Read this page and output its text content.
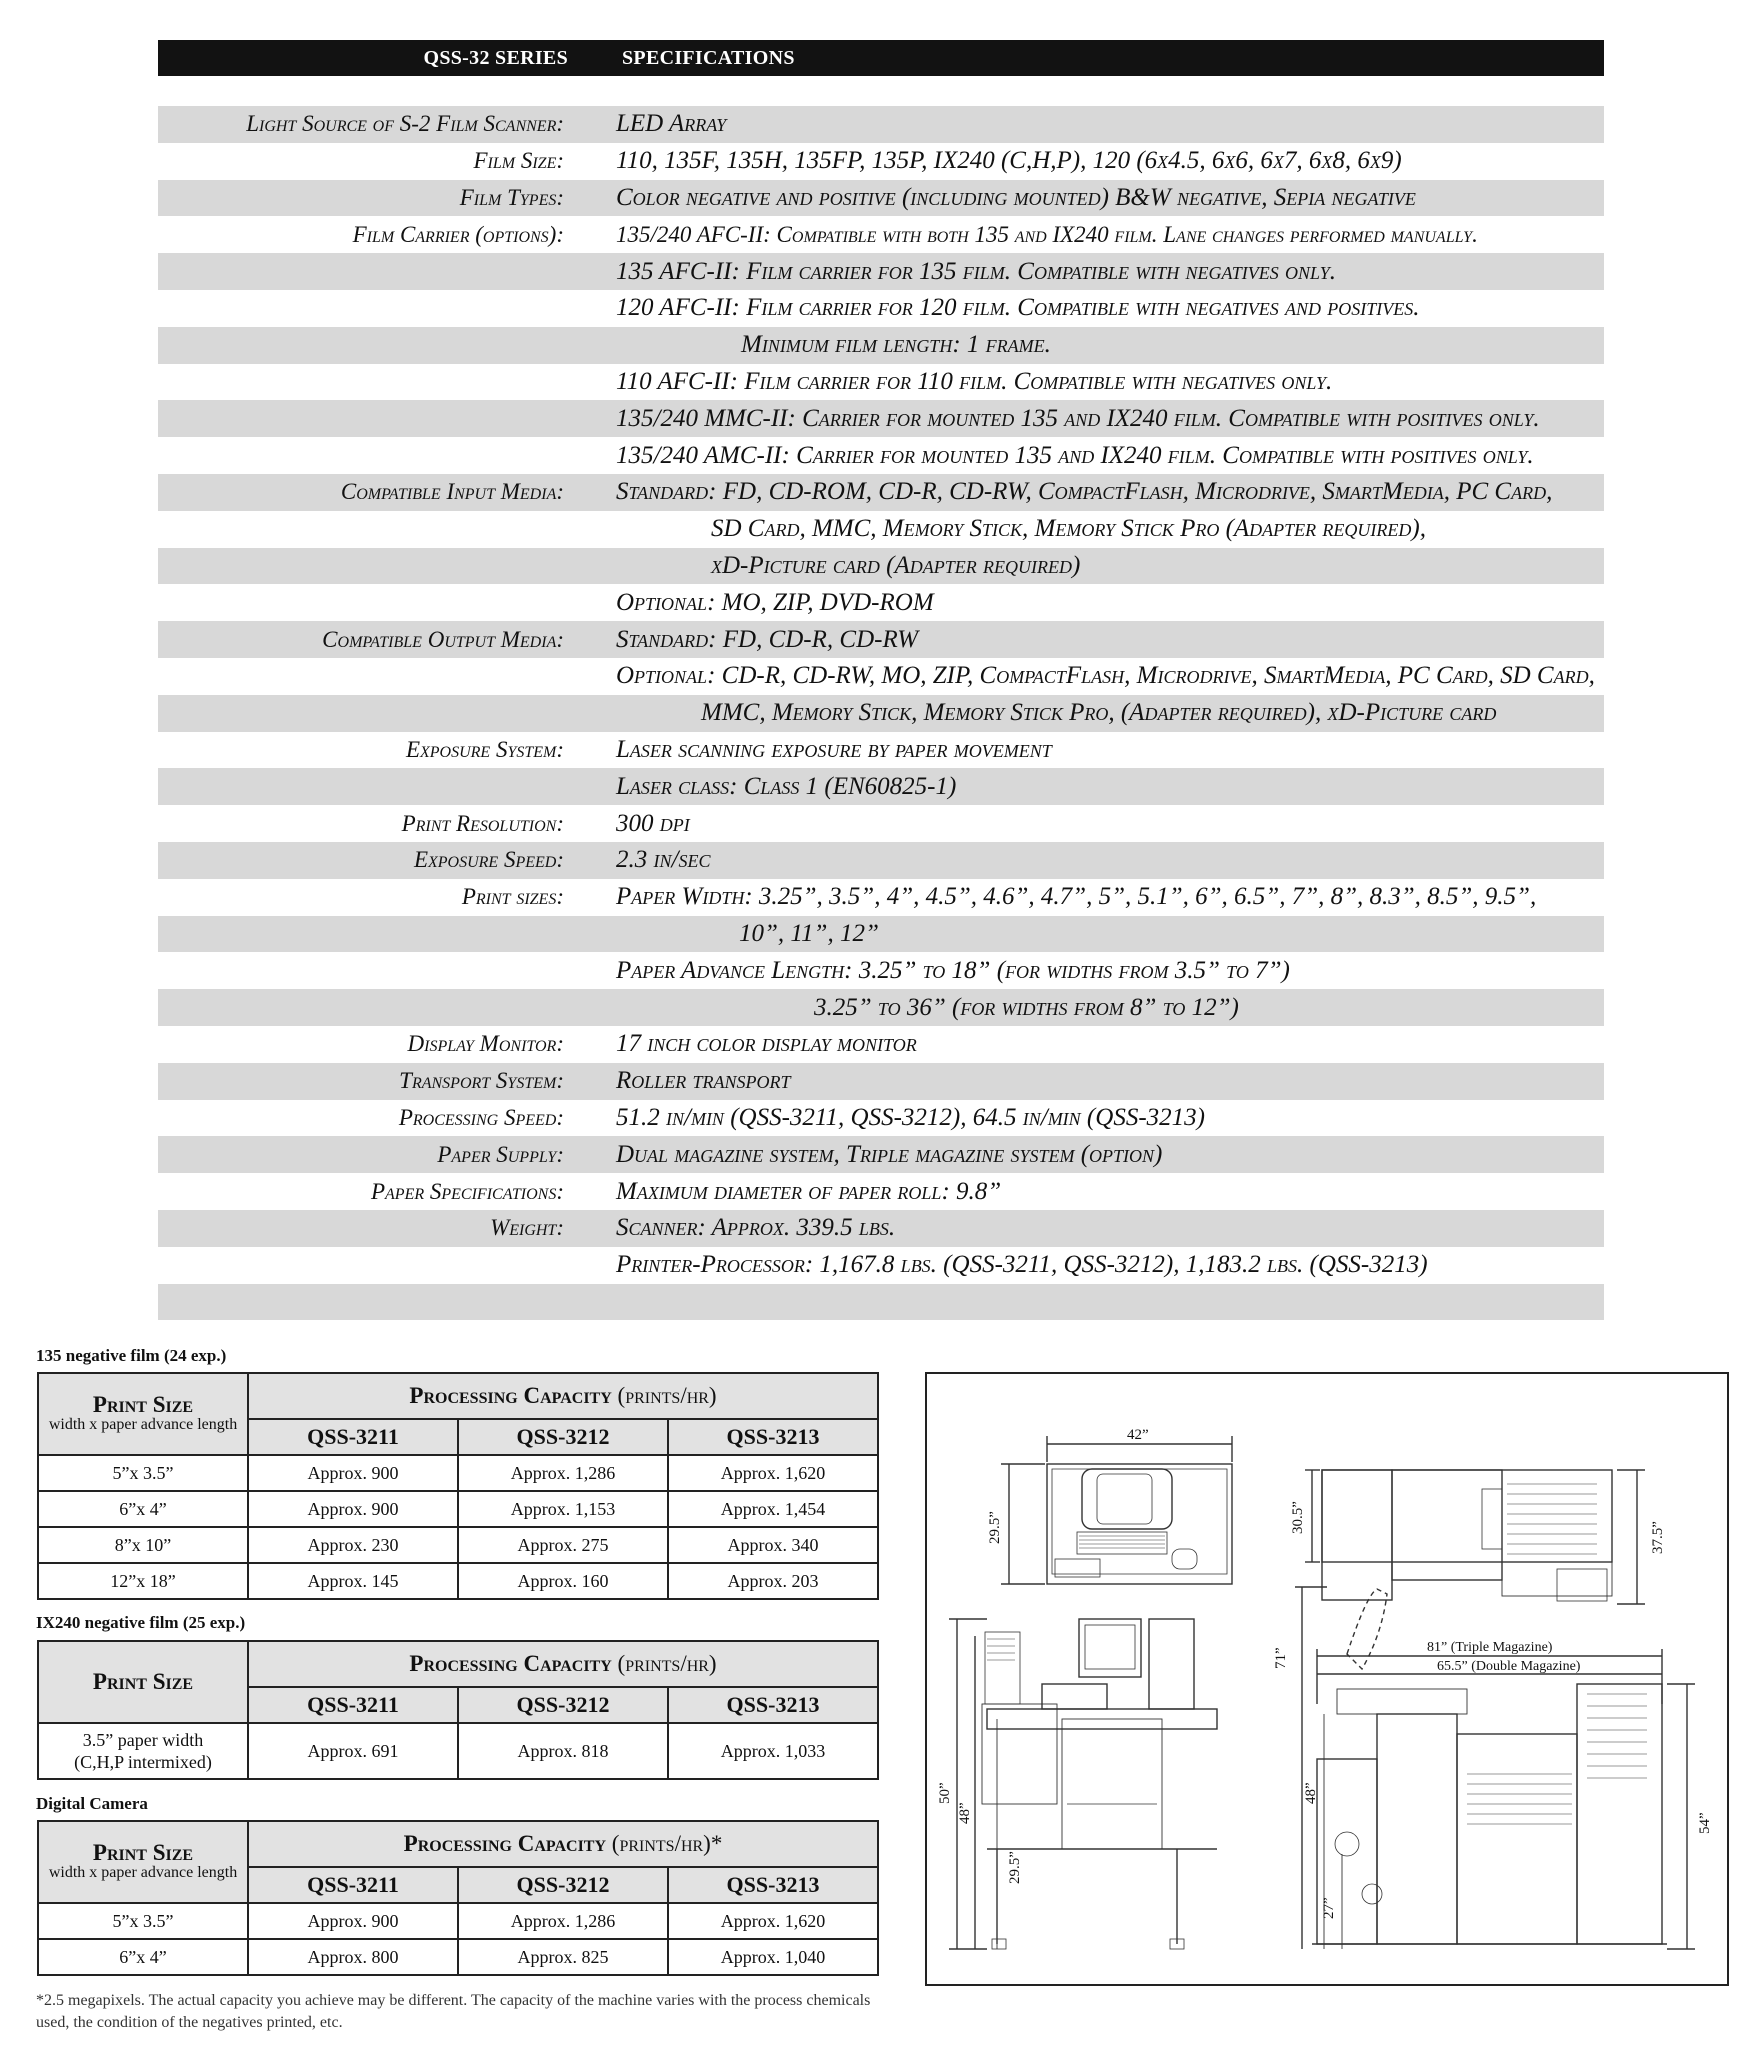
QSS-32 SERIES	SPECIFICATIONS
Light Source of S-2 Film Scanner:	LED Array
Film Size:	110, 135F, 135H, 135FP, 135P, IX240 (C,H,P), 120 (6x4.5, 6x6, 6x7, 6x8, 6x9)
Film Types:	Color negative and positive (including mounted) B&W negative, Sepia negative
Film Carrier (options):	135/240 AFC-II: Compatible with both 135 and IX240 film. Lane changes performed manually.
135 AFC-II: Film carrier for 135 film. Compatible with negatives only.
120 AFC-II: Film carrier for 120 film. Compatible with negatives and positives.
Minimum film length: 1 frame.
110 AFC-II: Film carrier for 110 film. Compatible with negatives only.
135/240 MMC-II: Carrier for mounted 135 and IX240 film. Compatible with positives only.
135/240 AMC-II: Carrier for mounted 135 and IX240 film. Compatible with positives only.
Compatible Input Media:	Standard: FD, CD-ROM, CD-R, CD-RW, CompactFlash, Microdrive, SmartMedia, PC Card,
SD Card, MMC, Memory Stick, Memory Stick Pro (Adapter required),
xD-Picture card (Adapter required)
Optional: MO, ZIP, DVD-ROM
Compatible Output Media:	Standard: FD, CD-R, CD-RW
Optional: CD-R, CD-RW, MO, ZIP, CompactFlash, Microdrive, SmartMedia, PC Card, SD Card,
MMC, Memory Stick, Memory Stick Pro, (Adapter required), xD-Picture card
Exposure System:	Laser scanning exposure by paper movement
Laser class: Class 1 (EN60825-1)
Print Resolution:	300 dpi
Exposure Speed:	2.3 in/sec
Print sizes:	Paper Width: 3.25”, 3.5”, 4”, 4.5”, 4.6”, 4.7”, 5”, 5.1”, 6”, 6.5”, 7”, 8”, 8.3”, 8.5”, 9.5”,
10”, 11”, 12”
Paper Advance Length: 3.25” to 18” (for widths from 3.5” to 7”)
3.25” to 36” (for widths from 8” to 12”)
Display Monitor:	17 inch color display monitor
Transport System:	Roller transport
Processing Speed:	51.2 in/min (QSS-3211, QSS-3212), 64.5 in/min (QSS-3213)
Paper Supply:	Dual magazine system, Triple magazine system (option)
Paper Specifications:	Maximum diameter of paper roll: 9.8”
Weight:	Scanner: Approx. 339.5 lbs.
Printer-Processor: 1,167.8 lbs. (QSS-3211, QSS-3212), 1,183.2 lbs. (QSS-3213)
135 negative film (24 exp.)
Print Size
width x paper advance length	Processing Capacity (prints/hr)		
	QSS-3211	QSS-3212	QSS-3213
5”x 3.5”	Approx. 900	Approx. 1,286	Approx. 1,620
6”x 4”	Approx. 900	Approx. 1,153	Approx. 1,454
8”x 10”	Approx. 230	Approx. 275	Approx. 340
12”x 18”	Approx. 145	Approx. 160	Approx. 203
IX240 negative film (25 exp.)
Print Size	Processing Capacity (prints/hr)		
	QSS-3211	QSS-3212	QSS-3213

3.5” paper width
(C,H,P intermixed)	Approx. 691	Approx. 818	Approx. 1,033
Digital Camera
Print Size
width x paper advance length	Processing Capacity (prints/hr)*		
	QSS-3211	QSS-3212	QSS-3213
5”x 3.5”	Approx. 900	Approx. 1,286	Approx. 1,620
6”x 4”	Approx. 800	Approx. 825	Approx. 1,040
*2.5 megapixels. The actual capacity you achieve may be different. The capacity of the machine varies with the process chemicals used, the condition of the negatives printed, etc.
42”
29.5”	30.5”
37.5”
50”
48”
29.5”
71”
48”
27”
54”
81” (Triple Magazine)
65.5” (Double Magazine)
